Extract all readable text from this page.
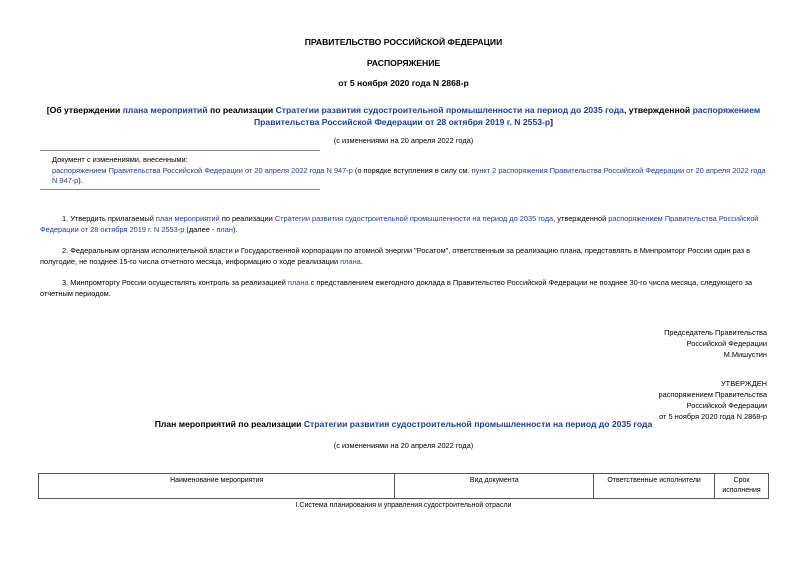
ПРАВИТЕЛЬСТВО РОССИЙСКОЙ ФЕДЕРАЦИИ
РАСПОРЯЖЕНИЕ
от 5 ноября 2020 года N 2868-р
[Об утверждении плана мероприятий по реализации Стратегии развития судостроительной промышленности на период до 2035 года, утвержденной распоряжением Правительства Российской Федерации от 28 октября 2019 г. N 2553-р]
(с изменениями на 20 апреля 2022 года)
Документ с изменениями, внесенными:
распоряжением Правительства Российской Федерации от 20 апреля 2022 года N 947-р (о порядке вступления в силу см. пункт 2 распоряжения Правительства Российской Федерации от 20 апреля 2022 года N 947-р).
1. Утвердить прилагаемый план мероприятий по реализации Стратегии развития судостроительной промышленности на период до 2035 года, утвержденной распоряжением Правительства Российской Федерации от 28 октября 2019 г. N 2553-р (далее - план).
2. Федеральным органам исполнительной власти и Государственной корпорации по атомной энергии "Росатом", ответственным за реализацию плана, представлять в Минпромторг России один раз в полугодие, не позднее 15-го числа отчетного месяца, информацию о ходе реализации плана.
3. Минпромторгу России осуществлять контроль за реализацией плана с представлением ежегодного доклада в Правительство Российской Федерации не позднее 30-го числа месяца, следующего за отчетным периодом.
Председатель Правительства
Российской Федерации
М.Мишустин
УТВЕРЖДЕН
распоряжением Правительства
Российской Федерации
от 5 ноября 2020 года N 2868-р
План мероприятий по реализации Стратегии развития судостроительной промышленности на период до 2035 года
(с изменениями на 20 апреля 2022 года)
Наименование мероприятия	Вид документа	Ответственные исполнители	Срок исполнения
I.Система планирования и управления судостроительной отрасли
